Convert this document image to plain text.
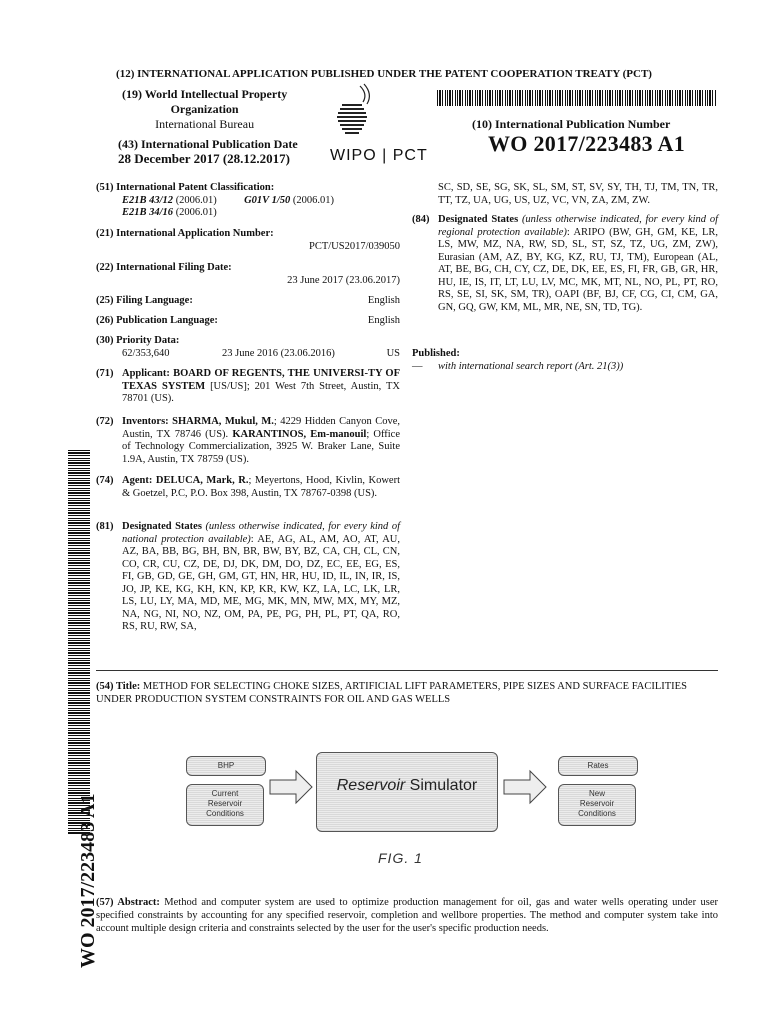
(12) INTERNATIONAL APPLICATION PUBLISHED UNDER THE PATENT COOPERATION TREATY (PCT)
(19) World Intellectual Property
Organization
International Bureau
WIPO | PCT
(10) International Publication Number
WO 2017/223483 A1
(43) International Publication Date
28 December 2017 (28.12.2017)
(51) International Patent Classification:
E21B 43/12 (2006.01)	G01V 1/50 (2006.01)
E21B 34/16 (2006.01)
(21) International Application Number:
PCT/US2017/039050
(22) International Filing Date:
23 June 2017 (23.06.2017)
(25) Filing Language:	English
(26) Publication Language:	English
(30) Priority Data:
62/353,640	23 June 2016 (23.06.2016)	US
(71) Applicant: BOARD OF REGENTS, THE UNIVERSI-TY OF TEXAS SYSTEM [US/US]; 201 West 7th Street, Austin, TX 78701 (US).
(72) Inventors: SHARMA, Mukul, M.; 4229 Hidden Canyon Cove, Austin, TX 78746 (US). KARANTINOS, Em-manouil; Office of Technology Commercialization, 3925 W. Braker Lane, Suite 1.9A, Austin, TX 78759 (US).
(74) Agent: DELUCA, Mark, R.; Meyertons, Hood, Kivlin, Kowert & Goetzel, P.C, P.O. Box 398, Austin, TX 78767-0398 (US).
(81) Designated States (unless otherwise indicated, for every kind of national protection available): AE, AG, AL, AM, AO, AT, AU, AZ, BA, BB, BG, BH, BN, BR, BW, BY, BZ, CA, CH, CL, CN, CO, CR, CU, CZ, DE, DJ, DK, DM, DO, DZ, EC, EE, EG, ES, FI, GB, GD, GE, GH, GM, GT, HN, HR, HU, ID, IL, IN, IR, IS, JO, JP, KE, KG, KH, KN, KP, KR, KW, KZ, LA, LC, LK, LR, LS, LU, LY, MA, MD, ME, MG, MK, MN, MW, MX, MY, MZ, NA, NG, NI, NO, NZ, OM, PA, PE, PG, PH, PL, PT, QA, RO, RS, RU, RW, SA,
SC, SD, SE, SG, SK, SL, SM, ST, SV, SY, TH, TJ, TM, TN, TR, TT, TZ, UA, UG, US, UZ, VC, VN, ZA, ZM, ZW.
(84) Designated States (unless otherwise indicated, for every kind of regional protection available): ARIPO (BW, GH, GM, KE, LR, LS, MW, MZ, NA, RW, SD, SL, ST, SZ, TZ, UG, ZM, ZW), Eurasian (AM, AZ, BY, KG, KZ, RU, TJ, TM), European (AL, AT, BE, BG, CH, CY, CZ, DE, DK, EE, ES, FI, FR, GB, GR, HR, HU, IE, IS, IT, LT, LU, LV, MC, MK, MT, NL, NO, PL, PT, RO, RS, SE, SI, SK, SM, TR), OAPI (BF, BJ, CF, CG, CI, CM, GA, GN, GQ, GW, KM, ML, MR, NE, SN, TD, TG).
Published:
—	with international search report (Art. 21(3))
WO 2017/223483 A1
(54) Title: METHOD FOR SELECTING CHOKE SIZES, ARTIFICIAL LIFT PARAMETERS, PIPE SIZES AND SURFACE FACILITIES UNDER PRODUCTION SYSTEM CONSTRAINTS FOR OIL AND GAS WELLS
BHP
Current
Reservoir
Conditions
Reservoir Simulator
Rates
New
Reservoir
Conditions
FIG. 1
(57) Abstract: Method and computer system are used to optimize production management for oil, gas and water wells operating under user specified constraints by accounting for any specified reservoir, completion and wellbore properties. The method and computer system take into account multiple design criteria and constraints selected by the user for the user's specific production needs.
